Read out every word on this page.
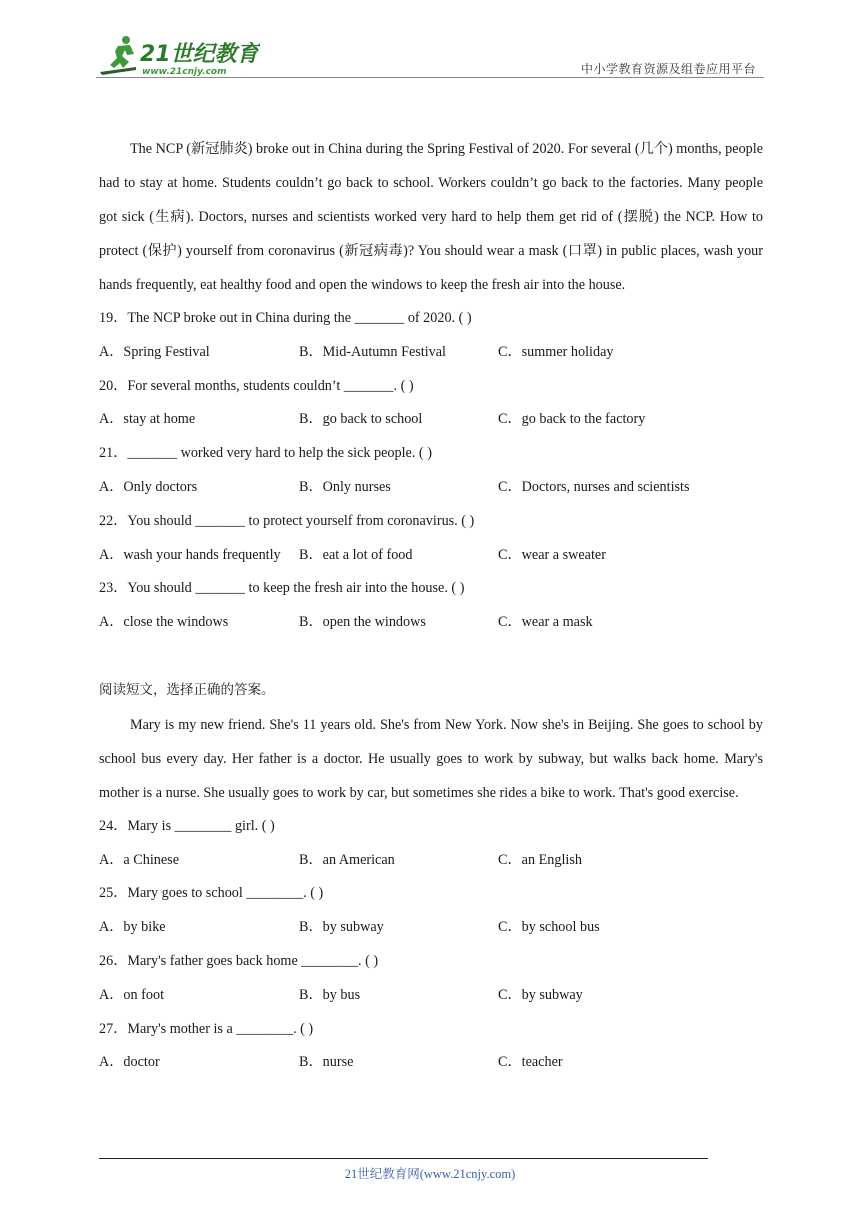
21世纪教育
www.21cnjy.com	中小学教育资源及组卷应用平台

The NCP (新冠肺炎) broke out in China during the Spring Festival of 2020. For several (几个) months, people had to stay at home. Students couldn’t go back to school. Workers couldn’t go back to the factories. Many people got sick (生病). Doctors, nurses and scientists worked very hard to help them get rid of (摆脱) the NCP. How to protect (保护) yourself from coronavirus (新冠病毒)? You should wear a mask (口罩) in public places, wash your hands frequently, eat healthy food and open the windows to keep the fresh air into the house.

19．The NCP broke out in China during the _______ of 2020. ( )

A．Spring Festival	B．Mid-Autumn Festival	C．summer holiday

20．For several months, students couldn’t _______. ( )

A．stay at home	B．go back to school	C．go back to the factory

21．_______ worked very hard to help the sick people. ( )

A．Only doctors	B．Only nurses	C．Doctors, nurses and scientists

22．You should _______ to protect yourself from coronavirus. ( )

A．wash your hands frequently B．eat a lot of food	C．wear a sweater

23．You should _______ to keep the fresh air into the house. ( )

A．close the windows	B．open the windows	C．wear a mask

阅读短文，选择正确的答案。

Mary is my new friend. She's 11 years old. She's from New York. Now she's in Beijing. She goes to school by school bus every day. Her father is a doctor. He usually goes to work by subway, but walks back home. Mary's mother is a nurse. She usually goes to work by car, but sometimes she rides a bike to work. That's good exercise.

24．Mary is ________ girl. ( )

A．a Chinese	B．an American	C．an English

25．Mary goes to school ________. ( )

A．by bike	B．by subway	C．by school bus

26．Mary's father goes back home ________. ( )

A．on foot	B．by bus	C．by subway

27．Mary's mother is a ________. ( )

A．doctor	B．nurse	C．teacher
21世纪教育网(www.21cnjy.com)
